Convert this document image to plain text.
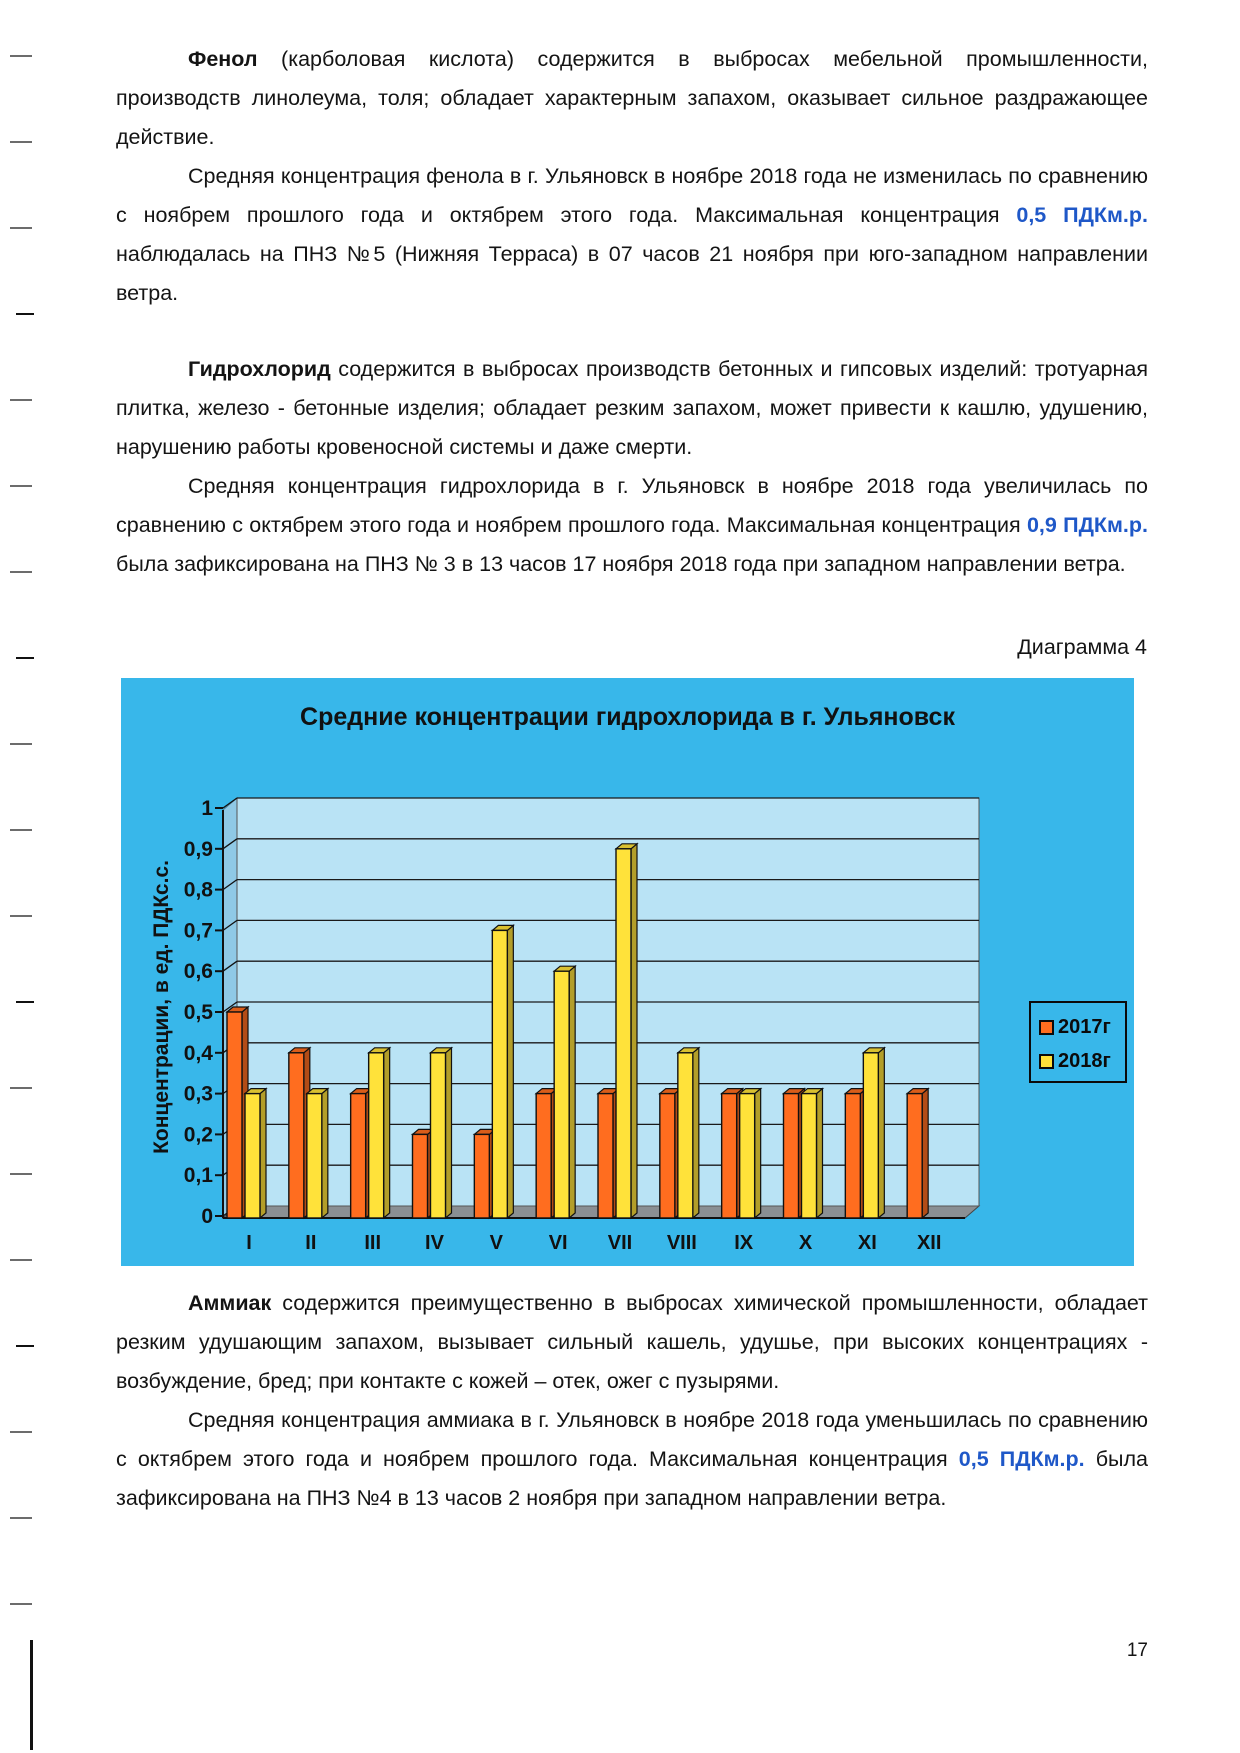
Фенол (карболовая кислота) содержится в выбросах мебельной промышленности, производств линолеума, толя; обладает характерным запахом, оказывает сильное раздражающее действие.

Средняя концентрация фенола в г. Ульяновск в ноябре 2018 года не изменилась по сравнению с ноябрем прошлого года и октябрем этого года. Максимальная концентрация 0,5 ПДКм.р. наблюдалась на ПНЗ №5 (Нижняя Терраса) в 07 часов 21 ноября при юго-западном направлении ветра.

Гидрохлорид содержится в выбросах производств бетонных и гипсовых изделий: тротуарная плитка, железо - бетонные изделия; обладает резким запахом, может привести к кашлю, удушению, нарушению работы кровеносной системы и даже смерти.

Средняя концентрация гидрохлорида в г. Ульяновск в ноябре 2018 года увеличилась по сравнению с октябрем этого года и ноябрем прошлого года. Максимальная концентрация 0,9 ПДКм.р. была зафиксирована на ПНЗ № 3 в 13 часов 17 ноября 2018 года при западном направлении ветра.

Диаграмма 4
Средние концентрации гидрохлорида в г. Ульяновск
0
0,1
0,2
0,3
0,4
0,5
0,6
0,7
0,8
0,9
1
Концентрации, в ед. ПДКс.с.
I	II III IV V VI VII VIII IX X XI XII
2017г
2018г

Аммиак содержится преимущественно в выбросах химической промышленности, обладает резким удушающим запахом, вызывает сильный кашель, удушье, при высоких концентрациях - возбуждение, бред; при контакте с кожей – отек, ожег с пузырями.

Средняя концентрация аммиака в г. Ульяновск в ноябре 2018 года уменьшилась по сравнению с октябрем этого года и ноябрем прошлого года. Максимальная концентрация 0,5 ПДКм.р. была зафиксирована на ПНЗ №4 в 13 часов 2 ноября при западном направлении ветра.

17
